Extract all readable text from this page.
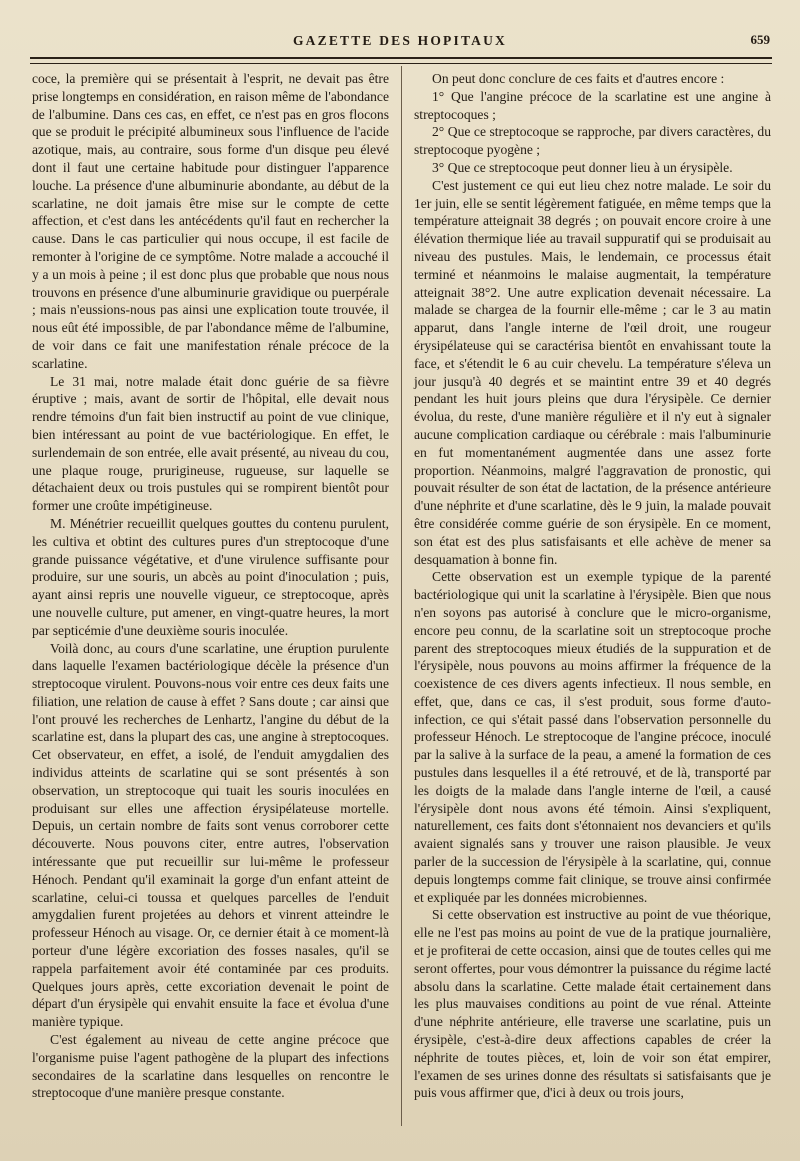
GAZETTE DES HOPITAUX	659

coce, la première qui se présentait à l'esprit, ne devait pas être prise longtemps en considération, en raison même de l'abondance de l'albumine. Dans ces cas, en effet, ce n'est pas en gros flocons que se produit le précipité albumineux sous l'influence de l'acide azotique, mais, au contraire, sous forme d'un disque peu élevé dont il faut une certaine habitude pour distinguer l'apparence louche. La présence d'une albuminurie abondante, au début de la scarlatine, ne doit jamais être mise sur le compte de cette affection, et c'est dans les antécédents qu'il faut en rechercher la cause. Dans le cas particulier qui nous occupe, il est facile de remonter à l'origine de ce symptôme. Notre malade a accouché il y a un mois à peine ; il est donc plus que probable que nous nous trouvons en présence d'une albuminurie gravidique ou puerpérale ; mais n'eussions-nous pas ainsi une explication toute trouvée, il nous eût été impossible, de par l'abondance même de l'albumine, de voir dans ce fait une manifestation rénale précoce de la scarlatine.

Le 31 mai, notre malade était donc guérie de sa fièvre éruptive ; mais, avant de sortir de l'hôpital, elle devait nous rendre témoins d'un fait bien instructif au point de vue clinique, bien intéressant au point de vue bactériologique. En effet, le surlendemain de son entrée, elle avait présenté, au niveau du cou, une plaque rouge, prurigineuse, rugueuse, sur laquelle se détachaient deux ou trois pustules qui se rompirent bientôt pour former une croûte impétigineuse.

M. Ménétrier recueillit quelques gouttes du contenu purulent, les cultiva et obtint des cultures pures d'un streptocoque d'une grande puissance végétative, et d'une virulence suffisante pour produire, sur une souris, un abcès au point d'inoculation ; puis, ayant ainsi repris une nouvelle vigueur, ce streptocoque, après une nouvelle culture, put amener, en vingt-quatre heures, la mort par septicémie d'une deuxième souris inoculée.

Voilà donc, au cours d'une scarlatine, une éruption purulente dans laquelle l'examen bactériologique décèle la présence d'un streptocoque virulent. Pouvons-nous voir entre ces deux faits une filiation, une relation de cause à effet ? Sans doute ; car ainsi que l'ont prouvé les recherches de Lenhartz, l'angine du début de la scarlatine est, dans la plupart des cas, une angine à streptocoques. Cet observateur, en effet, a isolé, de l'enduit amygdalien des individus atteints de scarlatine qui se sont présentés à son observation, un streptocoque qui tuait les souris inoculées en produisant sur elles une affection érysipélateuse mortelle. Depuis, un certain nombre de faits sont venus corroborer cette découverte. Nous pouvons citer, entre autres, l'observation intéressante que put recueillir sur lui-même le professeur Hénoch. Pendant qu'il examinait la gorge d'un enfant atteint de scarlatine, celui-ci toussa et quelques parcelles de l'enduit amygdalien furent projetées au dehors et vinrent atteindre le professeur Hénoch au visage. Or, ce dernier était à ce moment-là porteur d'une légère excoriation des fosses nasales, qu'il se rappela parfaitement avoir été contaminée par ces produits. Quelques jours après, cette excoriation devenait le point de départ d'un érysipèle qui envahit ensuite la face et évolua d'une manière typique.

C'est également au niveau de cette angine précoce que l'organisme puise l'agent pathogène de la plupart des infections secondaires de la scarlatine dans lesquelles on rencontre le streptocoque d'une manière presque constante.

On peut donc conclure de ces faits et d'autres encore :

1° Que l'angine précoce de la scarlatine est une angine à streptocoques ;

2° Que ce streptocoque se rapproche, par divers caractères, du streptocoque pyogène ;

3° Que ce streptocoque peut donner lieu à un érysipèle.

C'est justement ce qui eut lieu chez notre malade. Le soir du 1er juin, elle se sentit légèrement fatiguée, en même temps que la température atteignait 38 degrés ; on pouvait encore croire à une élévation thermique liée au travail suppuratif qui se produisait au niveau des pustules. Mais, le lendemain, ce processus était terminé et néanmoins le malaise augmentait, la température atteignait 38°2. Une autre explication devenait nécessaire. La malade se chargea de la fournir elle-même ; car le 3 au matin apparut, dans l'angle interne de l'œil droit, une rougeur érysipélateuse qui se caractérisa bientôt en envahissant toute la face, et s'étendit le 6 au cuir chevelu. La température s'éleva un jour jusqu'à 40 degrés et se maintint entre 39 et 40 degrés pendant les huit jours pleins que dura l'érysipèle. Ce dernier évolua, du reste, d'une manière régulière et il n'y eut à signaler aucune complication cardiaque ou cérébrale : mais l'albuminurie en fut momentanément augmentée dans une assez forte proportion. Néanmoins, malgré l'aggravation de pronostic, qui pouvait résulter de son état de lactation, de la présence antérieure d'une néphrite et d'une scarlatine, dès le 9 juin, la malade pouvait être considérée comme guérie de son érysipèle. En ce moment, son état est des plus satisfaisants et elle achève de mener sa desquamation à bonne fin.

Cette observation est un exemple typique de la parenté bactériologique qui unit la scarlatine à l'érysipèle. Bien que nous n'en soyons pas autorisé à conclure que le micro-organisme, encore peu connu, de la scarlatine soit un streptocoque proche parent des streptocoques mieux étudiés de la suppuration et de l'érysipèle, nous pouvons au moins affirmer la fréquence de la coexistence de ces divers agents infectieux. Il nous semble, en effet, que, dans ce cas, il s'est produit, sous forme d'auto-infection, ce qui s'était passé dans l'observation personnelle du professeur Hénoch. Le streptocoque de l'angine précoce, inoculé par la salive à la surface de la peau, a amené la formation de ces pustules dans lesquelles il a été retrouvé, et de là, transporté par les doigts de la malade dans l'angle interne de l'œil, a causé l'érysipèle dont nous avons été témoin. Ainsi s'expliquent, naturellement, ces faits dont s'étonnaient nos devanciers et qu'ils avaient signalés sans y trouver une raison plausible. Je veux parler de la succession de l'érysipèle à la scarlatine, qui, connue depuis longtemps comme fait clinique, se trouve ainsi confirmée et expliquée par les données microbiennes.

Si cette observation est instructive au point de vue théorique, elle ne l'est pas moins au point de vue de la pratique journalière, et je profiterai de cette occasion, ainsi que de toutes celles qui me seront offertes, pour vous démontrer la puissance du régime lacté absolu dans la scarlatine. Cette malade était certainement dans les plus mauvaises conditions au point de vue rénal. Atteinte d'une néphrite antérieure, elle traverse une scarlatine, puis un érysipèle, c'est-à-dire deux affections capables de créer la néphrite de toutes pièces, et, loin de voir son état empirer, l'examen de ses urines donne des résultats si satisfaisants que je puis vous affirmer que, d'ici à deux ou trois jours,
